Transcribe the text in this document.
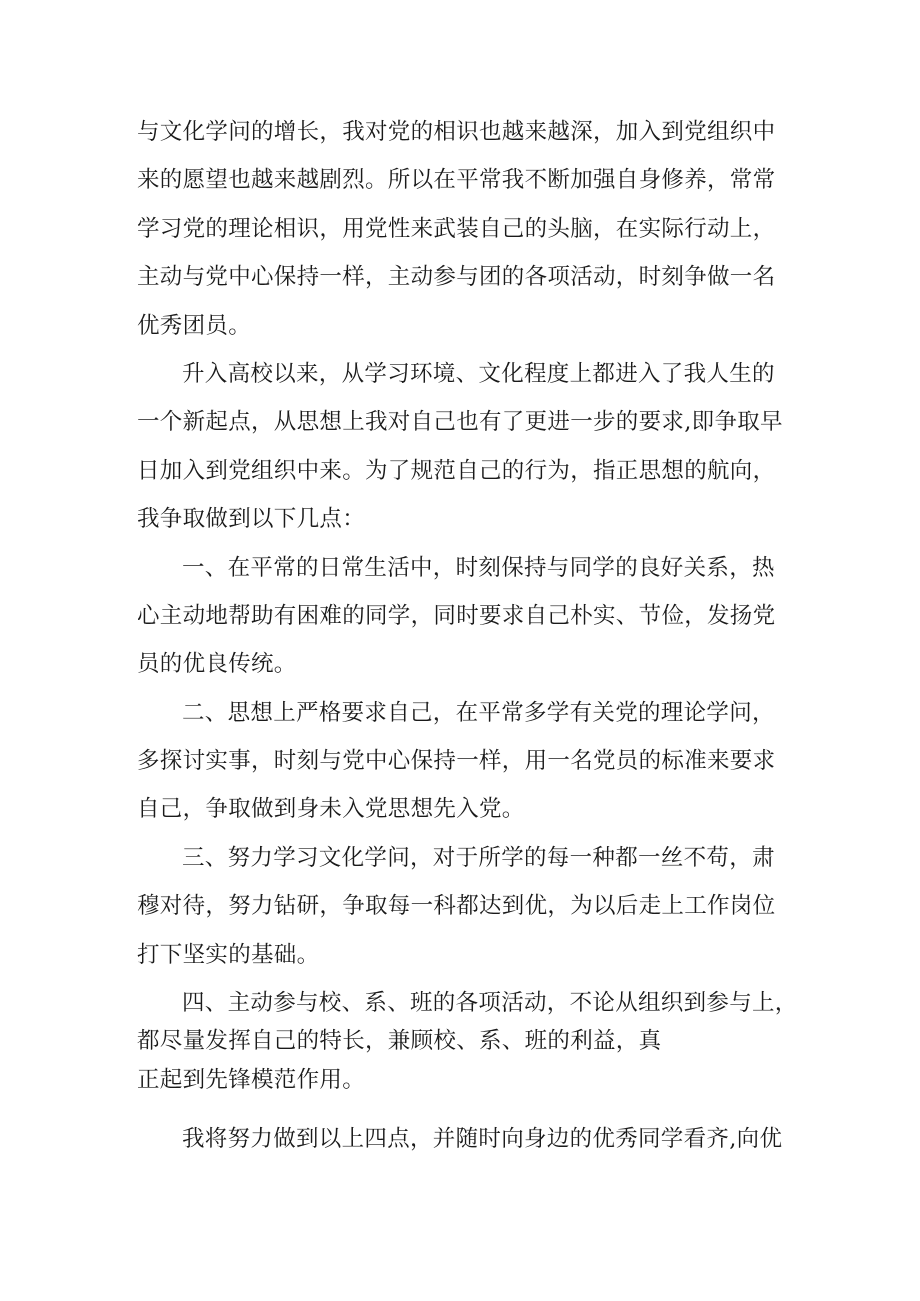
与文化学问的增长，我对党的相识也越来越深，加入到党组织中
来的愿望也越来越剧烈。所以在平常我不断加强自身修养，常常
学习党的理论相识，用党性来武装自己的头脑，在实际行动上，
主动与党中心保持一样，主动参与团的各项活动，时刻争做一名
优秀团员。
升入高校以来，从学习环境、文化程度上都进入了我人生的
一个新起点，从思想上我对自己也有了更进一步的要求,即争取早
日加入到党组织中来。为了规范自己的行为，指正思想的航向，
我争取做到以下几点：
一、在平常的日常生活中，时刻保持与同学的良好关系，热
心主动地帮助有困难的同学，同时要求自己朴实、节俭，发扬党
员的优良传统。
二、思想上严格要求自己，在平常多学有关党的理论学问，
多探讨实事，时刻与党中心保持一样，用一名党员的标准来要求
自己，争取做到身未入党思想先入党。
三、努力学习文化学问，对于所学的每一种都一丝不苟，肃
穆对待，努力钻研，争取每一科都达到优，为以后走上工作岗位
打下坚实的基础。
四、主动参与校、系、班的各项活动，不论从组织到参与上，
都尽量发挥自己的特长，兼顾校、系、班的利益，真
正起到先锋模范作用。
我将努力做到以上四点，并随时向身边的优秀同学看齐,向优
